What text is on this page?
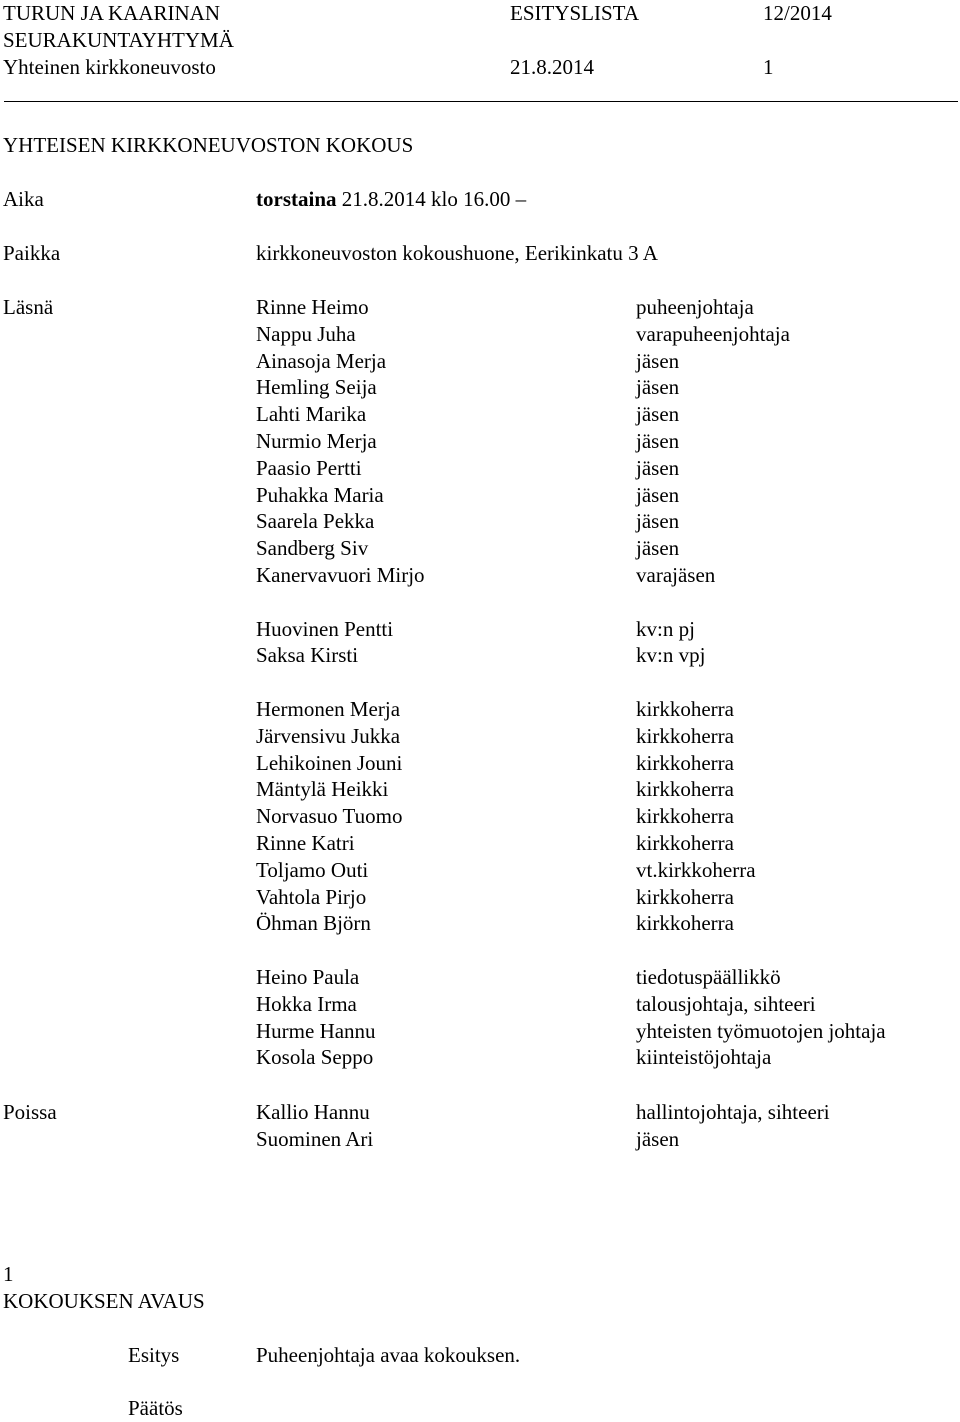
TURUN JA KAARINAN
SEURAKUNTAYHTYMÄ
Yhteinen kirkkoneuvosto
ESITYSLISTA	12/2014
21.8.2014	1
YHTEISEN KIRKKONEUVOSTON KOKOUS
Aika	torstaina 21.8.2014 klo 16.00 –
Paikka	kirkkoneuvoston kokoushuone, Eerikinkatu 3 A
Läsnä	Rinne Heimo	puheenjohtaja
Nappu Juha	varapuheenjohtaja
Ainasoja Merja	jäsen
Hemling Seija	jäsen
Lahti Marika	jäsen
Nurmio Merja	jäsen
Paasio Pertti	jäsen
Puhakka Maria	jäsen
Saarela Pekka	jäsen
Sandberg Siv	jäsen
Kanervavuori Mirjo	varajäsen
Huovinen Pentti	kv:n pj
Saksa Kirsti	kv:n vpj
Hermonen Merja	kirkkoherra
Järvensivu Jukka	kirkkoherra
Lehikoinen Jouni	kirkkoherra
Mäntylä Heikki	kirkkoherra
Norvasuo Tuomo	kirkkoherra
Rinne Katri	kirkkoherra
Toljamo Outi	vt.kirkkoherra
Vahtola Pirjo	kirkkoherra
Öhman Björn	kirkkoherra
Heino Paula	tiedotuspäällikkö
Hokka Irma	talousjohtaja, sihteeri
Hurme Hannu	yhteisten työmuotojen johtaja
Kosola Seppo	kiinteistöjohtaja
Poissa	Kallio Hannu	hallintojohtaja, sihteeri
Suominen Ari	jäsen
1
KOKOUKSEN AVAUS
Esitys	Puheenjohtaja avaa kokouksen.
Päätös
